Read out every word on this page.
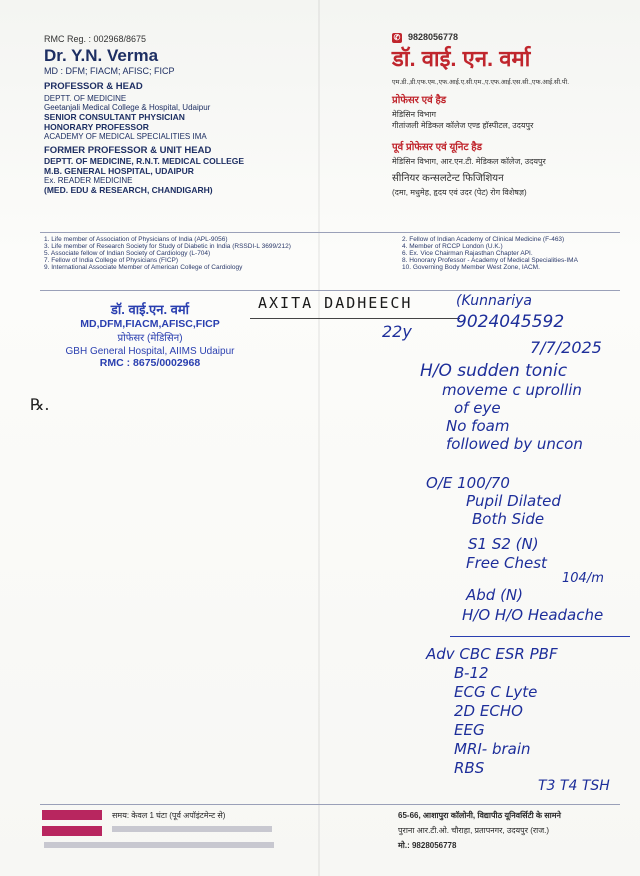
RMC Reg. : 002968/8675
Dr. Y.N. Verma
MD : DFM; FIACM; AFISC; FICP
PROFESSOR & HEAD
DEPTT. OF MEDICINE
Geetanjali Medical College & Hospital, Udaipur
SENIOR CONSULTANT PHYSICIAN
HONORARY PROFESSOR
ACADEMY OF MEDICAL SPECIALITIES IMA
FORMER PROFESSOR & UNIT HEAD
DEPTT. OF MEDICINE, R.N.T. MEDICAL COLLEGE
M.B. GENERAL HOSPITAL, UDAIPUR
Ex. READER MEDICINE
(MED. EDU & RESEARCH, CHANDIGARH)
✆ 9828056778
डॉ. वाई. एन. वर्मा
एम.डी.,डी.एफ.एम.,एफ.आई.ए.सी.एम.,ए.एफ.आई.एस.सी.,एफ.आई.सी.पी.
प्रोफेसर एवं हैड
मेडिसिन विभाग
गीतांजली मेडिकल कॉलेज एण्ड हॉस्पीटल, उदयपुर
पूर्व प्रोफेसर एवं यूनिट हैड
मेडिसिन विभाग, आर.एन.टी. मेडिकल कॉलेज, उदयपुर
सीनियर कन्सलटेन्ट फिजिशियन
(दमा, मधुमेह, हृदय एवं उदर (पेट) रोग विशेषज्ञ)
1. Life member of Association of Physicians of India (APL-9056)
3. Life member of Research Society for Study of Diabetic in India (RSSDI-L 3699/212)
5. Associate fellow of Indian Society of Cardiology (L-704)
7. Fellow of India College of Physicians (FICP)
9. International Associate Member of American College of Cardiology
2. Fellow of Indian Academy of Clinical Medicine (F-463)
4. Member of RCCP London (U.K.)
6. Ex. Vice Chairman Rajasthan Chapter API.
8. Honorary Professor - Academy of Medical Specialities-IMA
10. Governing Body Member West Zone, IACM.
डॉ. वाई.एन. वर्मा
MD,DFM,FIACM,AFISC,FICP
प्रोफेसर (मेडिसिन)
GBH General Hospital, AIIMS Udaipur
RMC : 8675/0002968
AXITA DADHEECH	(Kunnariya
9024045592
22y
7/7/2025
℞.
H/O sudden tonic
moveme c uprollin
of eye
No foam
followed by uncon
O/E 100/70
Pupil Dilated
Both Side
S1 S2 (N)
Free Chest
104/m
Abd (N)
H/O H/O Headache
Adv CBC ESR PBF
B-12
ECG C Lyte
2D ECHO
EEG
MRI- brain
RBS
T3 T4 TSH
समय: केवल 1 घंटा (पूर्व अपॉइंटमेन्ट से)	65-66, आशापुरा कॉलोनी, विद्यापीठ यूनिवर्सिटी के सामने
पुराना आर.टी.ओ. चौराहा, प्रतापनगर, उदयपुर (राज.)
मो.: 9828056778
